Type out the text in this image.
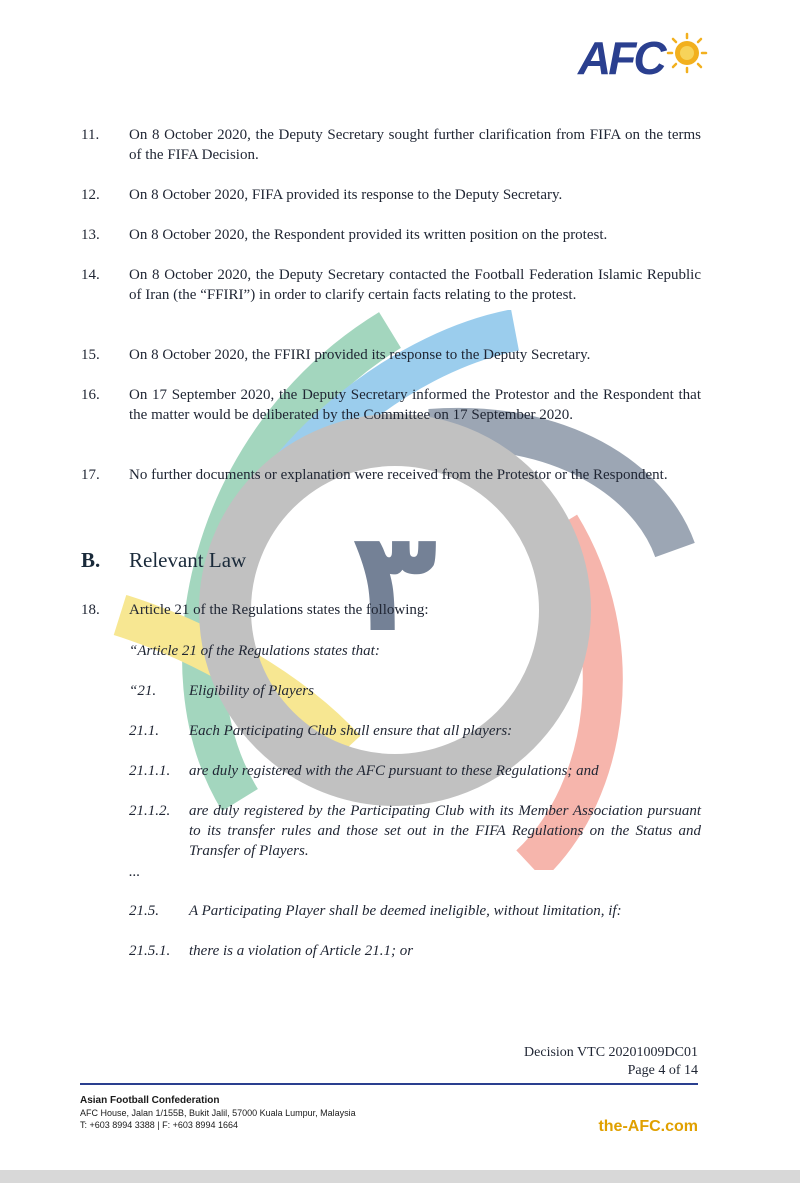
AFC
۳
11.	On 8 October 2020, the Deputy Secretary sought further clarification from FIFA on the terms of the FIFA Decision.
12.	On 8 October 2020, FIFA provided its response to the Deputy Secretary.
13.	On 8 October 2020, the Respondent provided its written position on the protest.
14.	On 8 October 2020, the Deputy Secretary contacted the Football Federation Islamic Republic of Iran (the “FFIRI”) in order to clarify certain facts relating to the protest.
15.	On 8 October 2020, the FFIRI provided its response to the Deputy Secretary.
16.	On 17 September 2020, the Deputy Secretary informed the Protestor and the Respondent that the matter would be deliberated by the Committee on 17 September 2020.
17.	No further documents or explanation were received from the Protestor or the Respondent.
B. Relevant Law
18.	Article 21 of the Regulations states the following:
“Article 21 of the Regulations states that:
“21. Eligibility of Players
21.1. Each Participating Club shall ensure that all players:
21.1.1. are duly registered with the AFC pursuant to these Regulations; and
21.1.2. are duly registered by the Participating Club with its Member Association pursuant to its transfer rules and those set out in the FIFA Regulations on the Status and Transfer of Players.
...
21.5. A Participating Player shall be deemed ineligible, without limitation, if:
21.5.1. there is a violation of Article 21.1; or
Decision VTC 20201009DC01
Page 4 of 14
Asian Football Confederation
AFC House, Jalan 1/155B, Bukit Jalil, 57000 Kuala Lumpur, Malaysia
T: +603 8994 3388 | F: +603 8994 1664	the-AFC.com
